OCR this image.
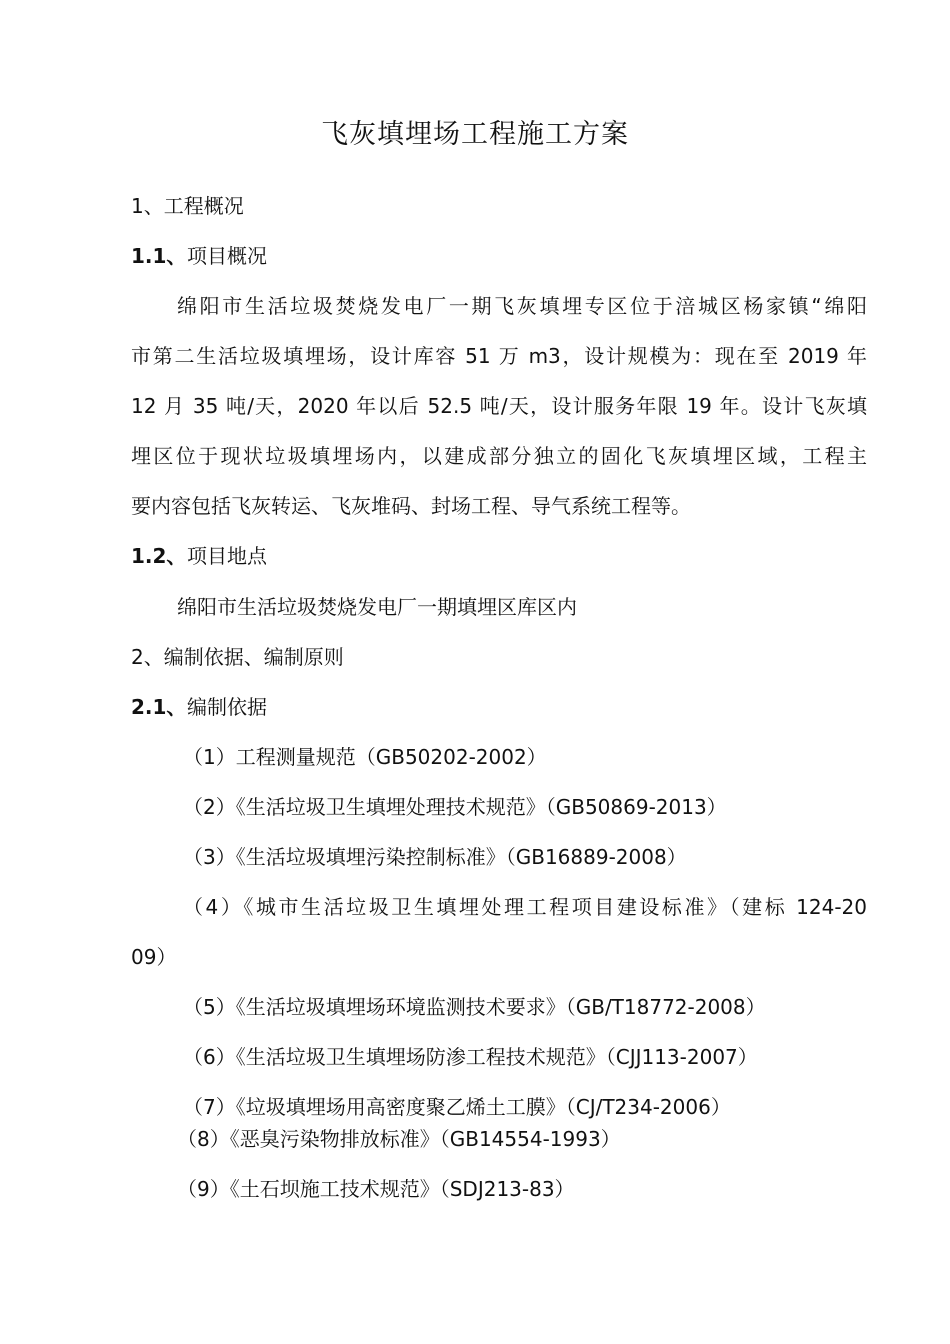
飞灰填埋场工程施工方案
1、工程概况
1.1、项目概况
绵阳市生活垃圾焚烧发电厂一期飞灰填埋专区位于涪城区杨家镇“绵阳
市第二生活垃圾填埋场，设计库容 51 万 m3，设计规模为：现在至 2019 年
12 月 35 吨/天，2020 年以后 52.5 吨/天，设计服务年限 19 年。设计飞灰填
埋区位于现状垃圾填埋场内，以建成部分独立的固化飞灰填埋区域，工程主
要内容包括飞灰转运、飞灰堆码、封场工程、导气系统工程等。
1.2、项目地点
绵阳市生活垃圾焚烧发电厂一期填埋区库区内
2、编制依据、编制原则
2.1、编制依据
（1）工程测量规范（GB50202-2002）
（2）《生活垃圾卫生填埋处理技术规范》（GB50869-2013）
（3）《生活垃圾填埋污染控制标准》（GB16889-2008）
（4）《城市生活垃圾卫生填埋处理工程项目建设标准》（建标 124-20
09）
（5）《生活垃圾填埋场环境监测技术要求》（GB/T18772-2008）
（6）《生活垃圾卫生填埋场防渗工程技术规范》（CJJ113-2007）
（7）《垃圾填埋场用高密度聚乙烯土工膜》（CJ/T234-2006）
（8）《恶臭污染物排放标准》（GB14554-1993）
（9）《土石坝施工技术规范》（SDJ213-83）
